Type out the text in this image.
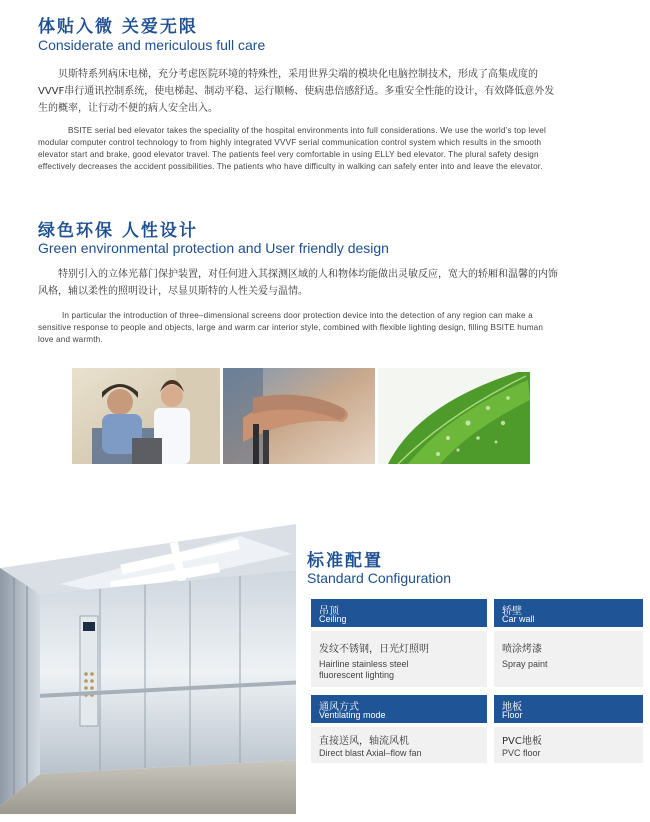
体贴入微 关爱无限
Considerate and mericulous full care
贝斯特系列病床电梯，充分考虑医院环境的特殊性，采用世界尖端的模块化电脑控制技术，形成了高集成度的VVVF串行通讯控制系统，使电梯起、制动平稳、运行顺畅、使病患倍感舒适。多重安全性能的设计，有效降低意外发生的概率，让行动不便的病人安全出入。
BSITE serial bed elevator takes the speciality of the hospital environments into full considerations. We use the world’s top level modular computer control technology to from highly integrated VVVF serial communication control system which results in the smooth elevator start and brake, good elevator travel. The patients feel very comfortable in using ELLY bed elevator. The plural safety design effectively decreases the accident possibilities. The patients who have difficulty in walking can safely enter into and leave the elevator.
绿色环保 人性设计
Green environmental protection and User friendly design
特别引入的立体光幕门保护装置，对任何进入其探测区域的人和物体均能做出灵敏反应，宽大的轿厢和温馨的内饰风格，辅以柔性的照明设计，尽显贝斯特的人性关爱与温情。
In particular the introduction of three–dimensional screens door protection device into the detection of any region can make a sensitive response to people and objects, large and warm car interior style, combined with flexible lighting design, filling BSITE human love and warmth.
标准配置
Standard Configuration
吊顶
Ceiling
发纹不锈钢，日光灯照明
Hairline stainless steel
fluorescent lighting
轿壁
Car wall
喷涂烤漆
Spray paint
通风方式
Ventilating mode
直接送风，轴流风机
Direct blast Axial–flow fan
地板
Floor
PVC地板
PVC floor
